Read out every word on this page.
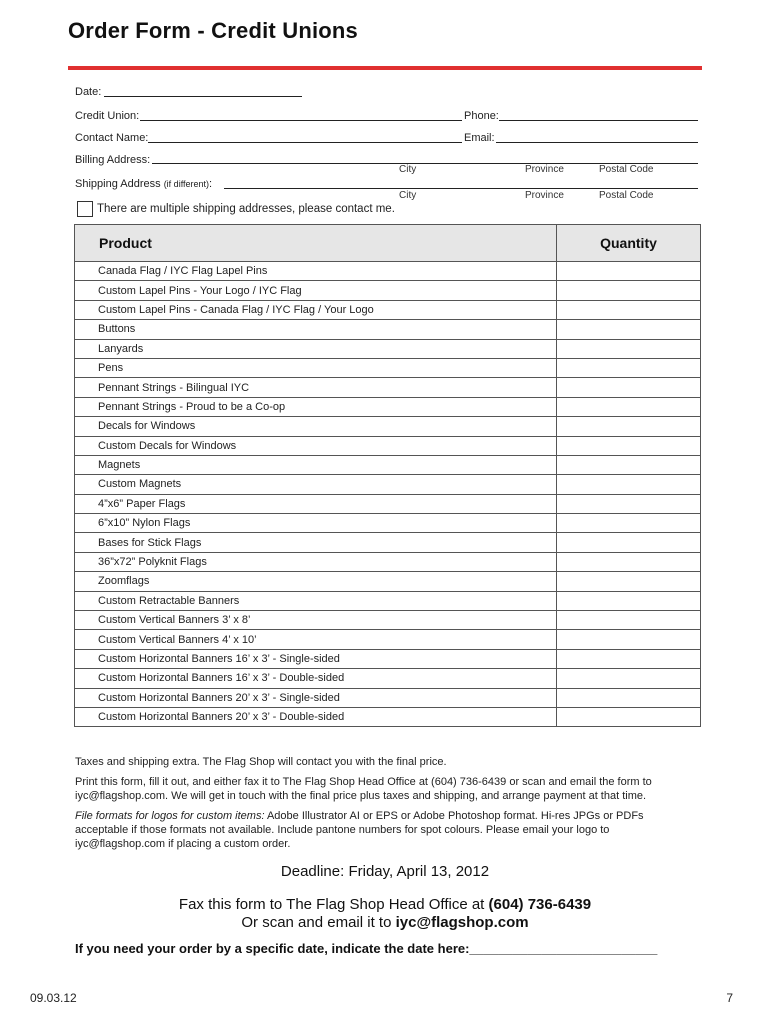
Order Form - Credit Unions
Date:
Credit Union:	Phone:
Contact Name:	Email:
Billing Address:
City	Province	Postal Code
Shipping Address (if different):
City	Province	Postal Code
There are multiple shipping addresses, please contact me.
Product	Quantity
Canada Flag / IYC Flag Lapel Pins	
Custom Lapel Pins - Your Logo / IYC Flag	
Custom Lapel Pins - Canada Flag / IYC Flag / Your Logo	
Buttons	
Lanyards	
Pens	
Pennant Strings - Bilingual IYC	
Pennant Strings - Proud to be a Co-op	
Decals for Windows	
Custom Decals for Windows	
Magnets	
Custom Magnets	
4”x6” Paper Flags	
6”x10” Nylon Flags	
Bases for Stick Flags	
36”x72” Polyknit Flags	
Zoomflags	
Custom Retractable Banners	
Custom Vertical Banners 3’ x 8’	
Custom Vertical Banners 4’ x 10’	
Custom Horizontal Banners 16’ x 3’ - Single-sided	
Custom Horizontal Banners 16’ x 3’ - Double-sided	
Custom Horizontal Banners 20’ x 3’ - Single-sided	
Custom Horizontal Banners 20’ x 3’ - Double-sided	
Taxes and shipping extra. The Flag Shop will contact you with the final price.
Print this form, fill it out, and either fax it to The Flag Shop Head Office at (604) 736-6439 or scan and email the form to
iyc@flagshop.com. We will get in touch with the final price plus taxes and shipping, and arrange payment at that time.
File formats for logos for custom items: Adobe Illustrator AI or EPS or Adobe Photoshop format. Hi-res JPGs or PDFs
acceptable if those formats not available. Include pantone numbers for spot colours. Please email your logo to
iyc@flagshop.com if placing a custom order.
Deadline: Friday, April 13, 2012
Fax this form to The Flag Shop Head Office at (604) 736-6439
Or scan and email it to iyc@flagshop.com
If you need your order by a specific date, indicate the date here:__________________________
09.03.12	7
